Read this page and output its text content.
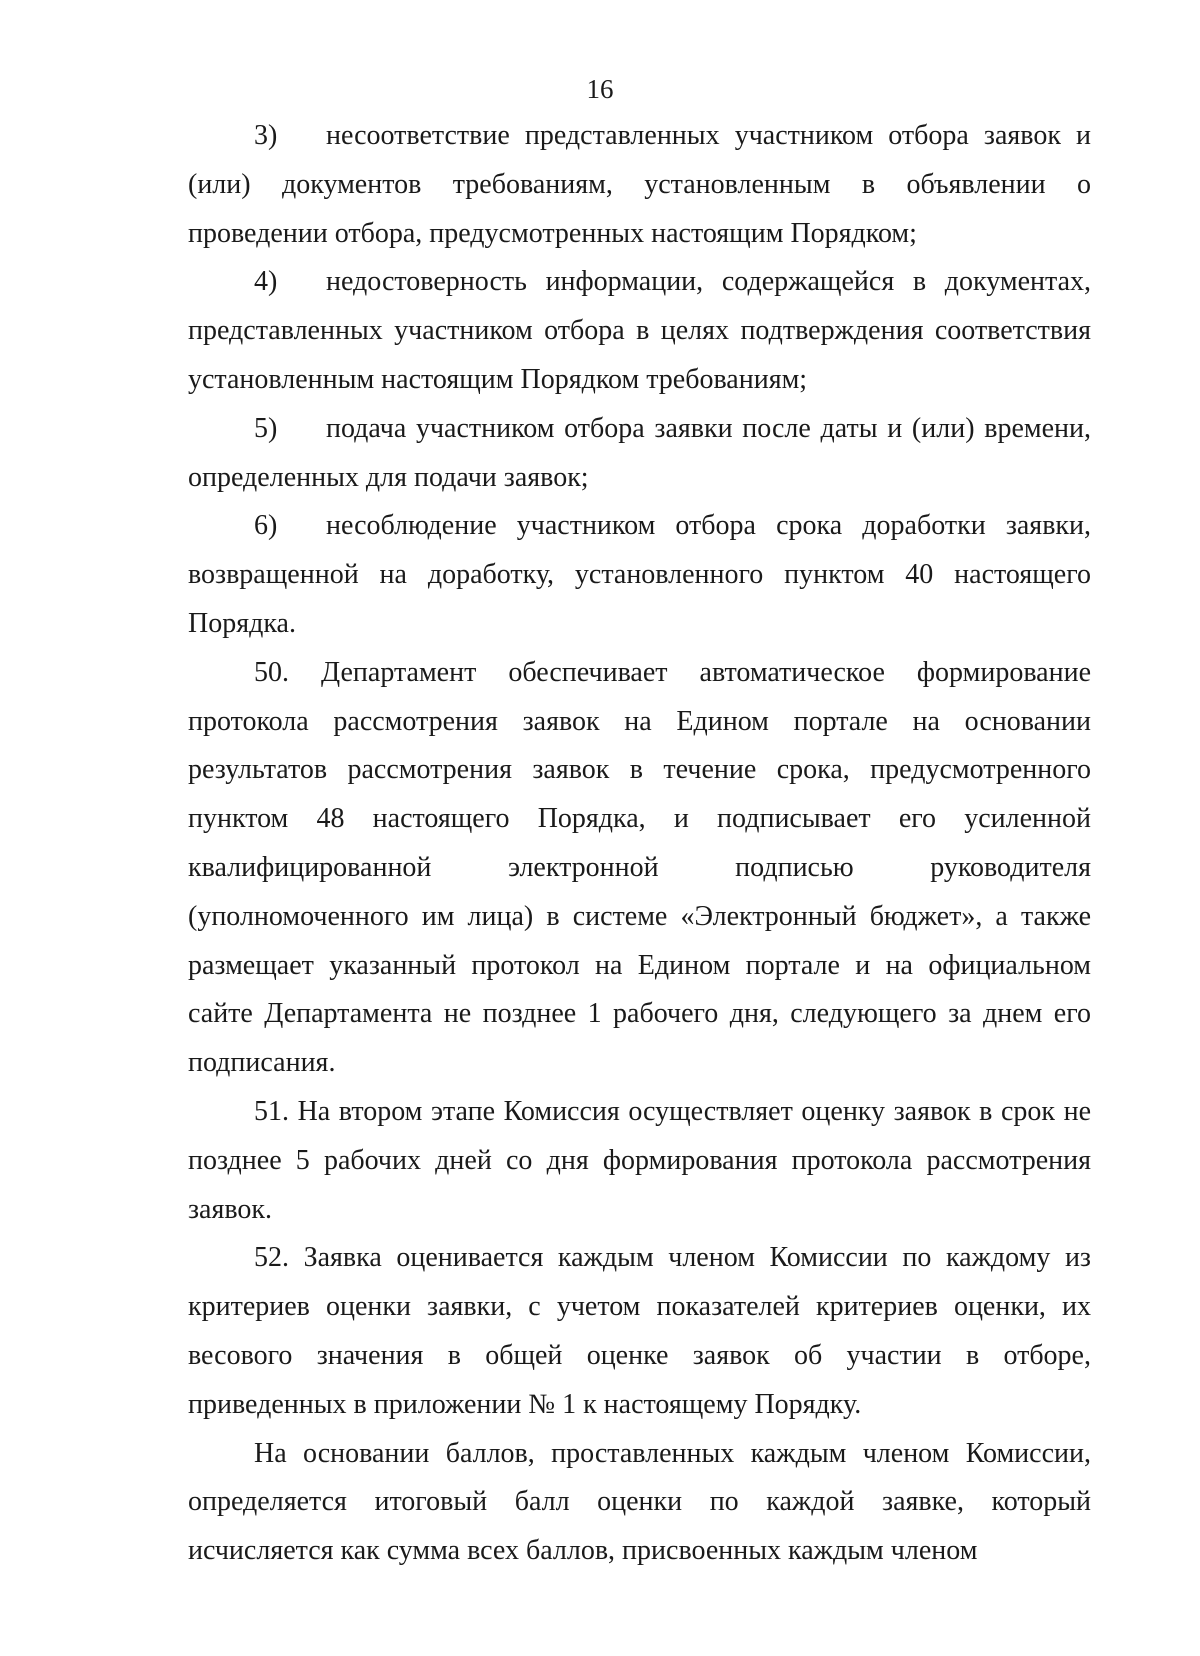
16

3) несоответствие представленных участником отбора заявок и (или) документов требованиям, установленным в объявлении о проведении отбора, предусмотренных настоящим Порядком;

4) недостоверность информации, содержащейся в документах, представленных участником отбора в целях подтверждения соответствия установленным настоящим Порядком требованиям;

5) подача участником отбора заявки после даты и (или) времени, определенных для подачи заявок;

6) несоблюдение участником отбора срока доработки заявки, возвращенной на доработку, установленного пунктом 40 настоящего Порядка.

50. Департамент обеспечивает автоматическое формирование протокола рассмотрения заявок на Едином портале на основании результатов рассмотрения заявок в течение срока, предусмотренного пунктом 48 настоящего Порядка, и подписывает его усиленной квалифицированной электронной подписью руководителя (уполномоченного им лица) в системе «Электронный бюджет», а также размещает указанный протокол на Едином портале и на официальном сайте Департамента не позднее 1 рабочего дня, следующего за днем его подписания.

51. На втором этапе Комиссия осуществляет оценку заявок в срок не позднее 5 рабочих дней со дня формирования протокола рассмотрения заявок.

52. Заявка оценивается каждым членом Комиссии по каждому из критериев оценки заявки, с учетом показателей критериев оценки, их весового значения в общей оценке заявок об участии в отборе, приведенных в приложении № 1 к настоящему Порядку.

На основании баллов, проставленных каждым членом Комиссии, определяется итоговый балл оценки по каждой заявке, который исчисляется как сумма всех баллов, присвоенных каждым членом
